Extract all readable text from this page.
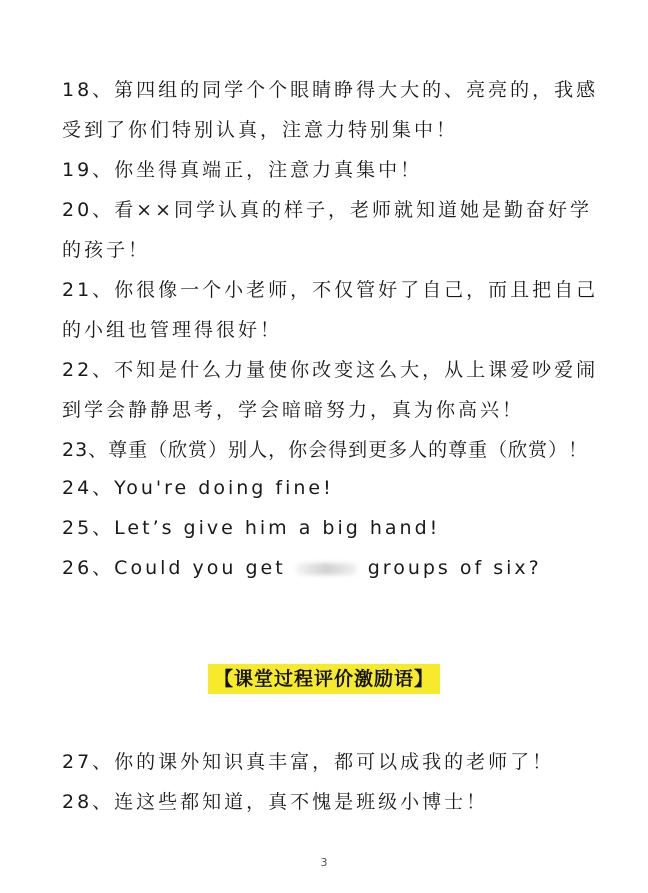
18、第四组的同学个个眼睛睁得大大的、亮亮的，我感
受到了你们特别认真，注意力特别集中！
19、你坐得真端正，注意力真集中！
20、看××同学认真的样子，老师就知道她是勤奋好学
的孩子！
21、你很像一个小老师，不仅管好了自己，而且把自己
的小组也管理得很好！
22、不知是什么力量使你改变这么大，从上课爱吵爱闹
到学会静静思考，学会暗暗努力，真为你高兴！
23、尊重（欣赏）别人，你会得到更多人的尊重（欣赏）！
24、You're doing fine!
25、Let’s give him a big hand!
26、Could you get	groups of six?
【课堂过程评价激励语】
27、你的课外知识真丰富，都可以成我的老师了！
28、连这些都知道，真不愧是班级小博士！
3
